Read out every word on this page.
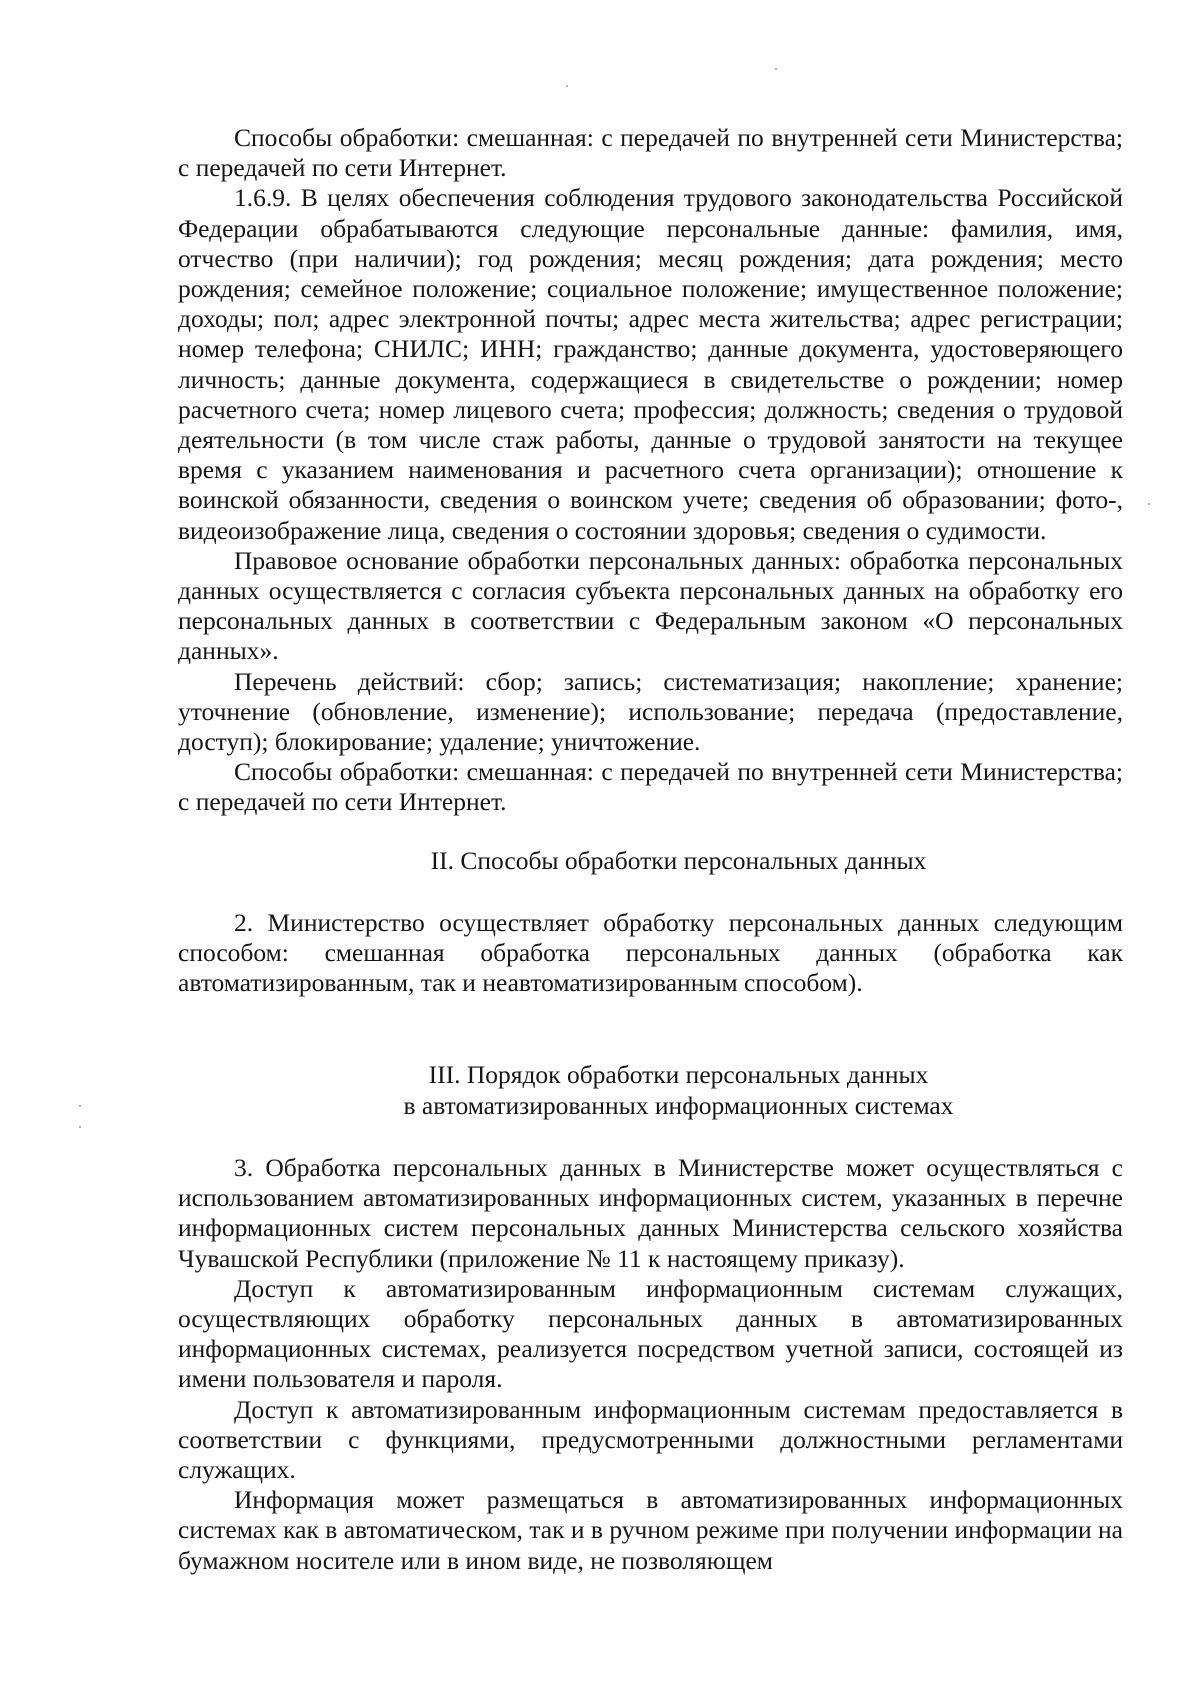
Способы обработки: смешанная: с передачей по внутренней сети Министерства; с передачей по сети Интернет.

1.6.9. В целях обеспечения соблюдения трудового законодательства Российской Федерации обрабатываются следующие персональные данные: фамилия, имя, отчество (при наличии); год рождения; месяц рождения; дата рождения; место рождения; семейное положение; социальное положение; имущественное положение; доходы; пол; адрес электронной почты; адрес места жительства; адрес регистрации; номер телефона; СНИЛС; ИНН; гражданство; данные документа, удостоверяющего личность; данные документа, содержащиеся в свидетельстве о рождении; номер расчетного счета; номер лицевого счета; профессия; должность; сведения о трудовой деятельности (в том числе стаж работы, данные о трудовой занятости на текущее время с указанием наименования и расчетного счета организации); отношение к воинской обязанности, сведения о воинском учете; сведения об образовании; фото-, видеоизображение лица, сведения о состоянии здоровья; сведения о судимости.

Правовое основание обработки персональных данных: обработка персональных данных осуществляется с согласия субъекта персональных данных на обработку его персональных данных в соответствии с Федеральным законом «О персональных данных».

Перечень действий: сбор; запись; систематизация; накопление; хранение; уточнение (обновление, изменение); использование; передача (предоставление, доступ); блокирование; удаление; уничтожение.

Способы обработки: смешанная: с передачей по внутренней сети Министерства; с передачей по сети Интернет.

II. Способы обработки персональных данных

2. Министерство осуществляет обработку персональных данных следующим способом: смешанная обработка персональных данных (обработка как автоматизированным, так и неавтоматизированным способом).

III. Порядок обработки персональных данных

в автоматизированных информационных системах

3. Обработка персональных данных в Министерстве может осуществляться с использованием автоматизированных информационных систем, указанных в перечне информационных систем персональных данных Министерства сельского хозяйства Чувашской Республики (приложение № 11 к настоящему приказу).

Доступ к автоматизированным информационным системам служащих, осуществляющих обработку персональных данных в автоматизированных информационных системах, реализуется посредством учетной записи, состоящей из имени пользователя и пароля.

Доступ к автоматизированным информационным системам предоставляется в соответствии с функциями, предусмотренными должностными регламентами служащих.

Информация может размещаться в автоматизированных информационных системах как в автоматическом, так и в ручном режиме при получении информации на бумажном носителе или в ином виде, не позволяющем
